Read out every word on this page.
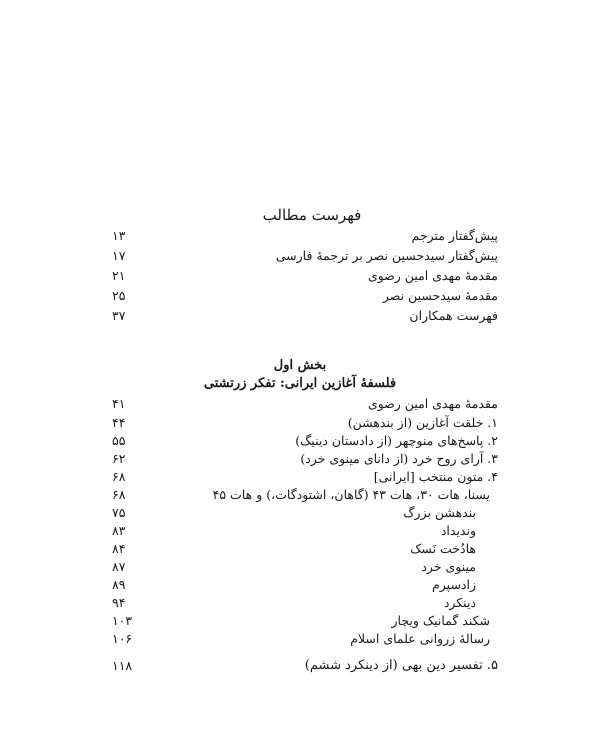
فهرست مطالب
پیش‌گفتار مترجم
۱۳
پیش‌گفتار سیدحسین نصر بر ترجمهٔ فارسی
۱۷
مقدمهٔ مهدی امین رضوی
۲۱
مقدمهٔ سیدحسین نصر
۲۵
فهرست همکاران
۳۷
بخش اول
فلسفهٔ آغازین ایرانی: تفکر زرتشتی
مقدمهٔ مهدی امین رضوی
۴۱
۱. خلقت آغازین (از بندهشن)
۴۴
۲. پاسخ‌های منوچهر (از دادستان دینیگ)
۵۵
۳. آرای روح خرد (از دانای مینوی خرد)
۶۲
۴. متون منتخب [ایرانی]
۶۸
یسنا، هات ۳۰، هات ۴۳ (گاهان، اشتودگات،) و هات ۴۵
۶۸
بندهشن بزرگ
۷۵
وندیداد
۸۳
هادُخت نَسک
۸۴
مینوی خرد
۸۷
زادسپرم
۸۹
دینکرد
۹۴
شکند گمانیک ویچار
۱۰۳
رسالهٔ زروانی علمای اسلام
۱۰۶
۵. تفسیر دین بهی (از دینکرد ششم)
۱۱۸
